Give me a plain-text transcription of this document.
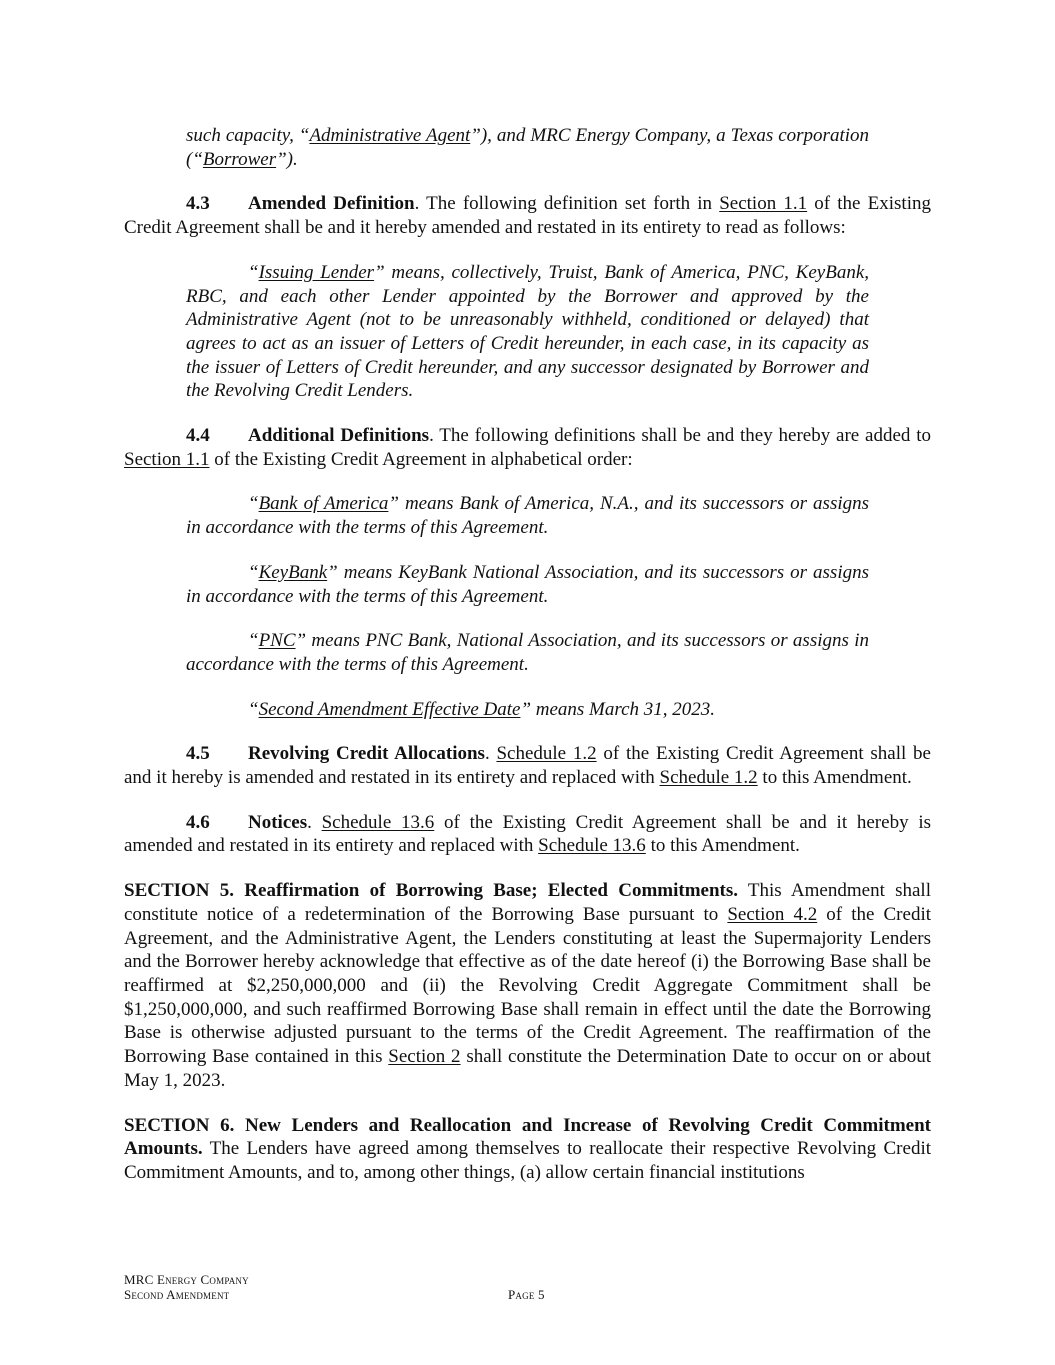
such capacity, “Administrative Agent”), and MRC Energy Company, a Texas corporation (“Borrower”).

4.3 Amended Definition. The following definition set forth in Section 1.1 of the Existing Credit Agreement shall be and it hereby amended and restated in its entirety to read as follows:

“Issuing Lender” means, collectively, Truist, Bank of America, PNC, KeyBank, RBC, and each other Lender appointed by the Borrower and approved by the Administrative Agent (not to be unreasonably withheld, conditioned or delayed) that agrees to act as an issuer of Letters of Credit hereunder, in each case, in its capacity as the issuer of Letters of Credit hereunder, and any successor designated by Borrower and the Revolving Credit Lenders.

4.4 Additional Definitions. The following definitions shall be and they hereby are added to Section 1.1 of the Existing Credit Agreement in alphabetical order:

“Bank of America” means Bank of America, N.A., and its successors or assigns in accordance with the terms of this Agreement.

“KeyBank” means KeyBank National Association, and its successors or assigns in accordance with the terms of this Agreement.

“PNC” means PNC Bank, National Association, and its successors or assigns in accordance with the terms of this Agreement.

“Second Amendment Effective Date” means March 31, 2023.

4.5 Revolving Credit Allocations. Schedule 1.2 of the Existing Credit Agreement shall be and it hereby is amended and restated in its entirety and replaced with Schedule 1.2 to this Amendment.

4.6 Notices. Schedule 13.6 of the Existing Credit Agreement shall be and it hereby is amended and restated in its entirety and replaced with Schedule 13.6 to this Amendment.

SECTION 5. Reaffirmation of Borrowing Base; Elected Commitments. This Amendment shall constitute notice of a redetermination of the Borrowing Base pursuant to Section 4.2 of the Credit Agreement, and the Administrative Agent, the Lenders constituting at least the Supermajority Lenders and the Borrower hereby acknowledge that effective as of the date hereof (i) the Borrowing Base shall be reaffirmed at $2,250,000,000 and (ii) the Revolving Credit Aggregate Commitment shall be $1,250,000,000, and such reaffirmed Borrowing Base shall remain in effect until the date the Borrowing Base is otherwise adjusted pursuant to the terms of the Credit Agreement. The reaffirmation of the Borrowing Base contained in this Section 2 shall constitute the Determination Date to occur on or about May 1, 2023.

SECTION 6. New Lenders and Reallocation and Increase of Revolving Credit Commitment Amounts. The Lenders have agreed among themselves to reallocate their respective Revolving Credit Commitment Amounts, and to, among other things, (a) allow certain financial institutions

MRC Energy Company
Second Amendment	Page 5
